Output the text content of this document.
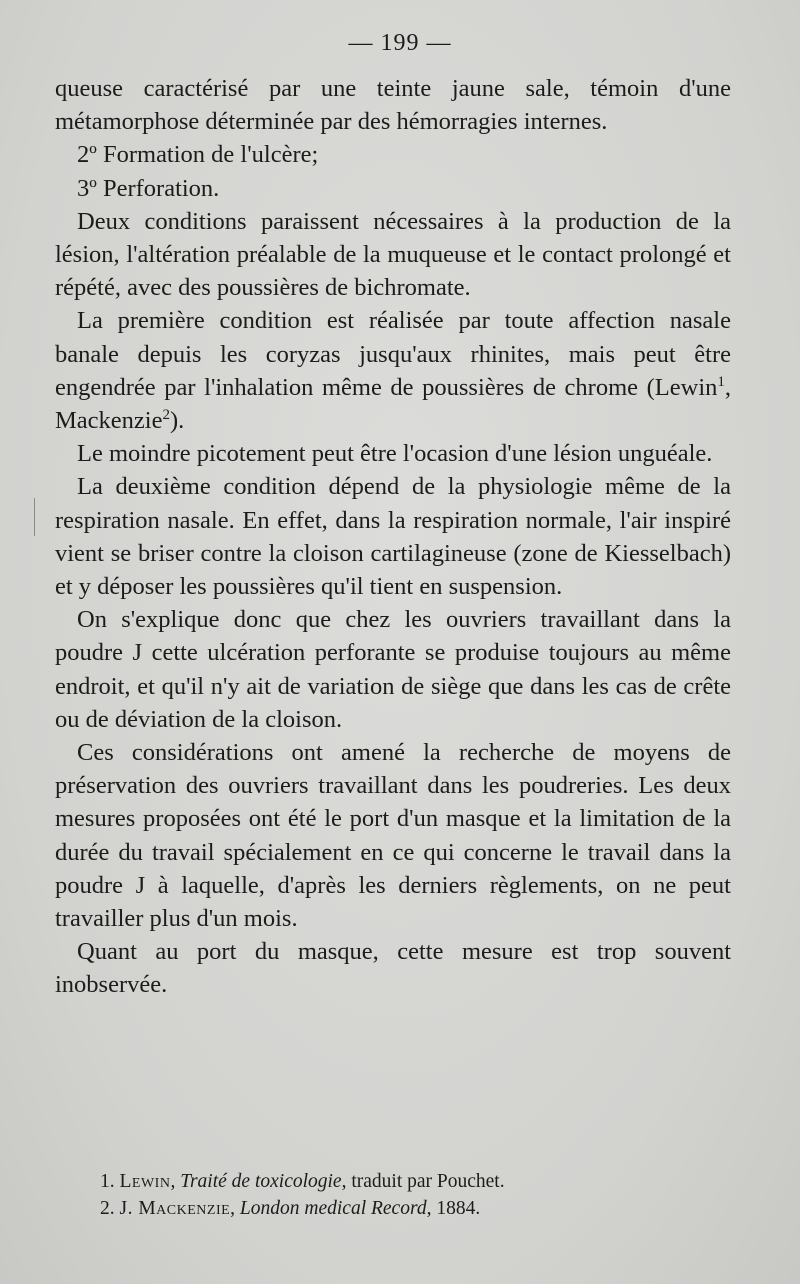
— 199 —

queuse caractérisé par une teinte jaune sale, témoin d'une métamorphose déterminée par des hémorragies internes.

2º Formation de l'ulcère;

3º Perforation.

Deux conditions paraissent nécessaires à la production de la lésion, l'altération préalable de la muqueuse et le contact prolongé et répété, avec des poussières de bichromate.

La première condition est réalisée par toute affection nasale banale depuis les coryzas jusqu'aux rhinites, mais peut être engendrée par l'inhalation même de poussières de chrome (Lewin$^1$, Mackenzie$^2$).

Le moindre picotement peut être l'ocasion d'une lésion unguéale.

La deuxième condition dépend de la physiologie même de la respiration nasale. En effet, dans la respiration normale, l'air inspiré vient se briser contre la cloison cartilagineuse (zone de Kiesselbach) et y déposer les poussières qu'il tient en suspension.

On s'explique donc que chez les ouvriers travaillant dans la poudre J cette ulcération perforante se produise toujours au même endroit, et qu'il n'y ait de variation de siège que dans les cas de crête ou de déviation de la cloison.

Ces considérations ont amené la recherche de moyens de préservation des ouvriers travaillant dans les poudreries. Les deux mesures proposées ont été le port d'un masque et la limitation de la durée du travail spécialement en ce qui concerne le travail dans la poudre J à laquelle, d'après les derniers règlements, on ne peut travailler plus d'un mois.

Quant au port du masque, cette mesure est trop souvent inobservée.

1. Lewin, Traité de toxicologie, traduit par Pouchet.

2. J. Mackenzie, London medical Record, 1884.
